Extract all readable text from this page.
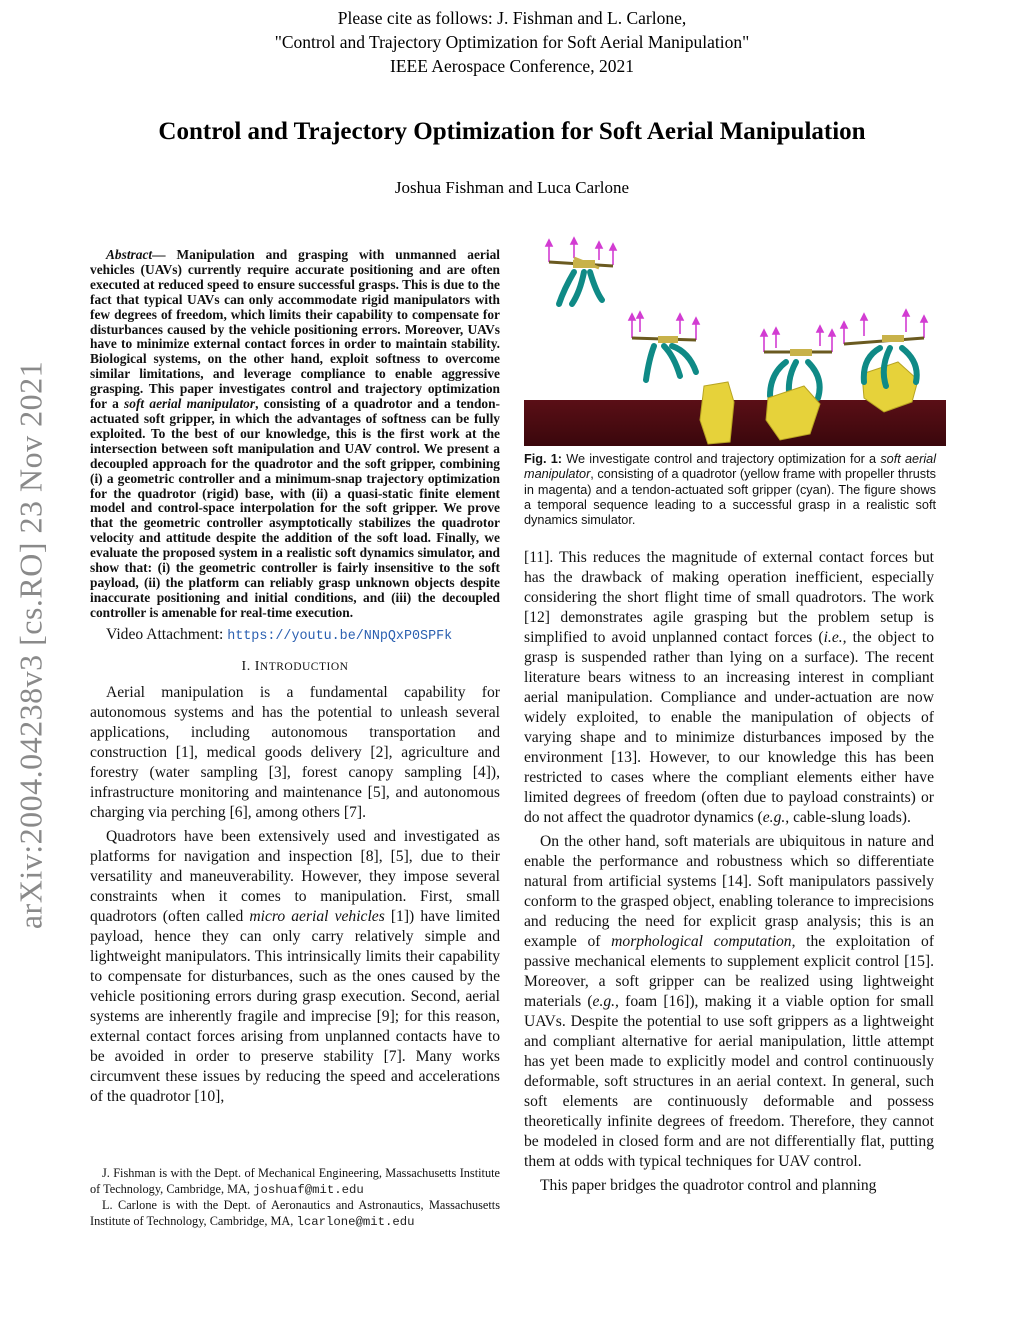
Please cite as follows: J. Fishman and L. Carlone,
"Control and Trajectory Optimization for Soft Aerial Manipulation"
IEEE Aerospace Conference, 2021
Control and Trajectory Optimization for Soft Aerial Manipulation
Joshua Fishman and Luca Carlone
arXiv:2004.04238v3 [cs.RO] 23 Nov 2021

Abstract— Manipulation and grasping with unmanned aerial vehicles (UAVs) currently require accurate positioning and are often executed at reduced speed to ensure successful grasps. This is due to the fact that typical UAVs can only accommodate rigid manipulators with few degrees of freedom, which limits their capability to compensate for disturbances caused by the vehicle positioning errors. Moreover, UAVs have to minimize external contact forces in order to maintain stability. Biological systems, on the other hand, exploit softness to overcome similar limitations, and leverage compliance to enable aggressive grasping. This paper investigates control and trajectory optimization for a soft aerial manipulator, consisting of a quadrotor and a tendon-actuated soft gripper, in which the advantages of softness can be fully exploited. To the best of our knowledge, this is the first work at the intersection between soft manipulation and UAV control. We present a decoupled approach for the quadrotor and the soft gripper, combining (i) a geometric controller and a minimum-snap trajectory optimization for the quadrotor (rigid) base, with (ii) a quasi-static finite element model and control-space interpolation for the soft gripper. We prove that the geometric controller asymptotically stabilizes the quadrotor velocity and attitude despite the addition of the soft load. Finally, we evaluate the proposed system in a realistic soft dynamics simulator, and show that: (i) the geometric controller is fairly insensitive to the soft payload, (ii) the platform can reliably grasp unknown objects despite inaccurate positioning and initial conditions, and (iii) the decoupled controller is amenable for real-time execution.

Video Attachment: https://youtu.be/NNpQxP0SPFk

I. INTRODUCTION

Aerial manipulation is a fundamental capability for autonomous systems and has the potential to unleash several applications, including autonomous transportation and construction [1], medical goods delivery [2], agriculture and forestry (water sampling [3], forest canopy sampling [4]), infrastructure monitoring and maintenance [5], and autonomous charging via perching [6], among others [7].

Quadrotors have been extensively used and investigated as platforms for navigation and inspection [8], [5], due to their versatility and maneuverability. However, they impose several constraints when it comes to manipulation. First, small quadrotors (often called micro aerial vehicles [1]) have limited payload, hence they can only carry relatively simple and lightweight manipulators. This intrinsically limits their capability to compensate for disturbances, such as the ones caused by the vehicle positioning errors during grasp execution. Second, aerial systems are inherently fragile and imprecise [9]; for this reason, external contact forces arising from unplanned contacts have to be avoided in order to preserve stability [7]. Many works circumvent these issues by reducing the speed and accelerations of the quadrotor [10],

J. Fishman is with the Dept. of Mechanical Engineering, Massachusetts Institute of Technology, Cambridge, MA, joshuaf@mit.edu

L. Carlone is with the Dept. of Aeronautics and Astronautics, Massachusetts Institute of Technology, Cambridge, MA, lcarlone@mit.edu

Fig. 1: We investigate control and trajectory optimization for a soft aerial manipulator, consisting of a quadrotor (yellow frame with propeller thrusts in magenta) and a tendon-actuated soft gripper (cyan). The figure shows a temporal sequence leading to a successful grasp in a realistic soft dynamics simulator.

[11]. This reduces the magnitude of external contact forces but has the drawback of making operation inefficient, especially considering the short flight time of small quadrotors. The work [12] demonstrates agile grasping but the problem setup is simplified to avoid unplanned contact forces (i.e., the object to grasp is suspended rather than lying on a surface). The recent literature bears witness to an increasing interest in compliant aerial manipulation. Compliance and under-actuation are now widely exploited, to enable the manipulation of objects of varying shape and to minimize disturbances imposed by the environment [13]. However, to our knowledge this has been restricted to cases where the compliant elements either have limited degrees of freedom (often due to payload constraints) or do not affect the quadrotor dynamics (e.g., cable-slung loads).

On the other hand, soft materials are ubiquitous in nature and enable the performance and robustness which so differentiate natural from artificial systems [14]. Soft manipulators passively conform to the grasped object, enabling tolerance to imprecisions and reducing the need for explicit grasp analysis; this is an example of morphological computation, the exploitation of passive mechanical elements to supplement explicit control [15]. Moreover, a soft gripper can be realized using lightweight materials (e.g., foam [16]), making it a viable option for small UAVs. Despite the potential to use soft grippers as a lightweight and compliant alternative for aerial manipulation, little attempt has yet been made to explicitly model and control continuously deformable, soft structures in an aerial context. In general, such soft elements are continuously deformable and possess theoretically infinite degrees of freedom. Therefore, they cannot be modeled in closed form and are not differentially flat, putting them at odds with typical techniques for UAV control.

This paper bridges the quadrotor control and planning
